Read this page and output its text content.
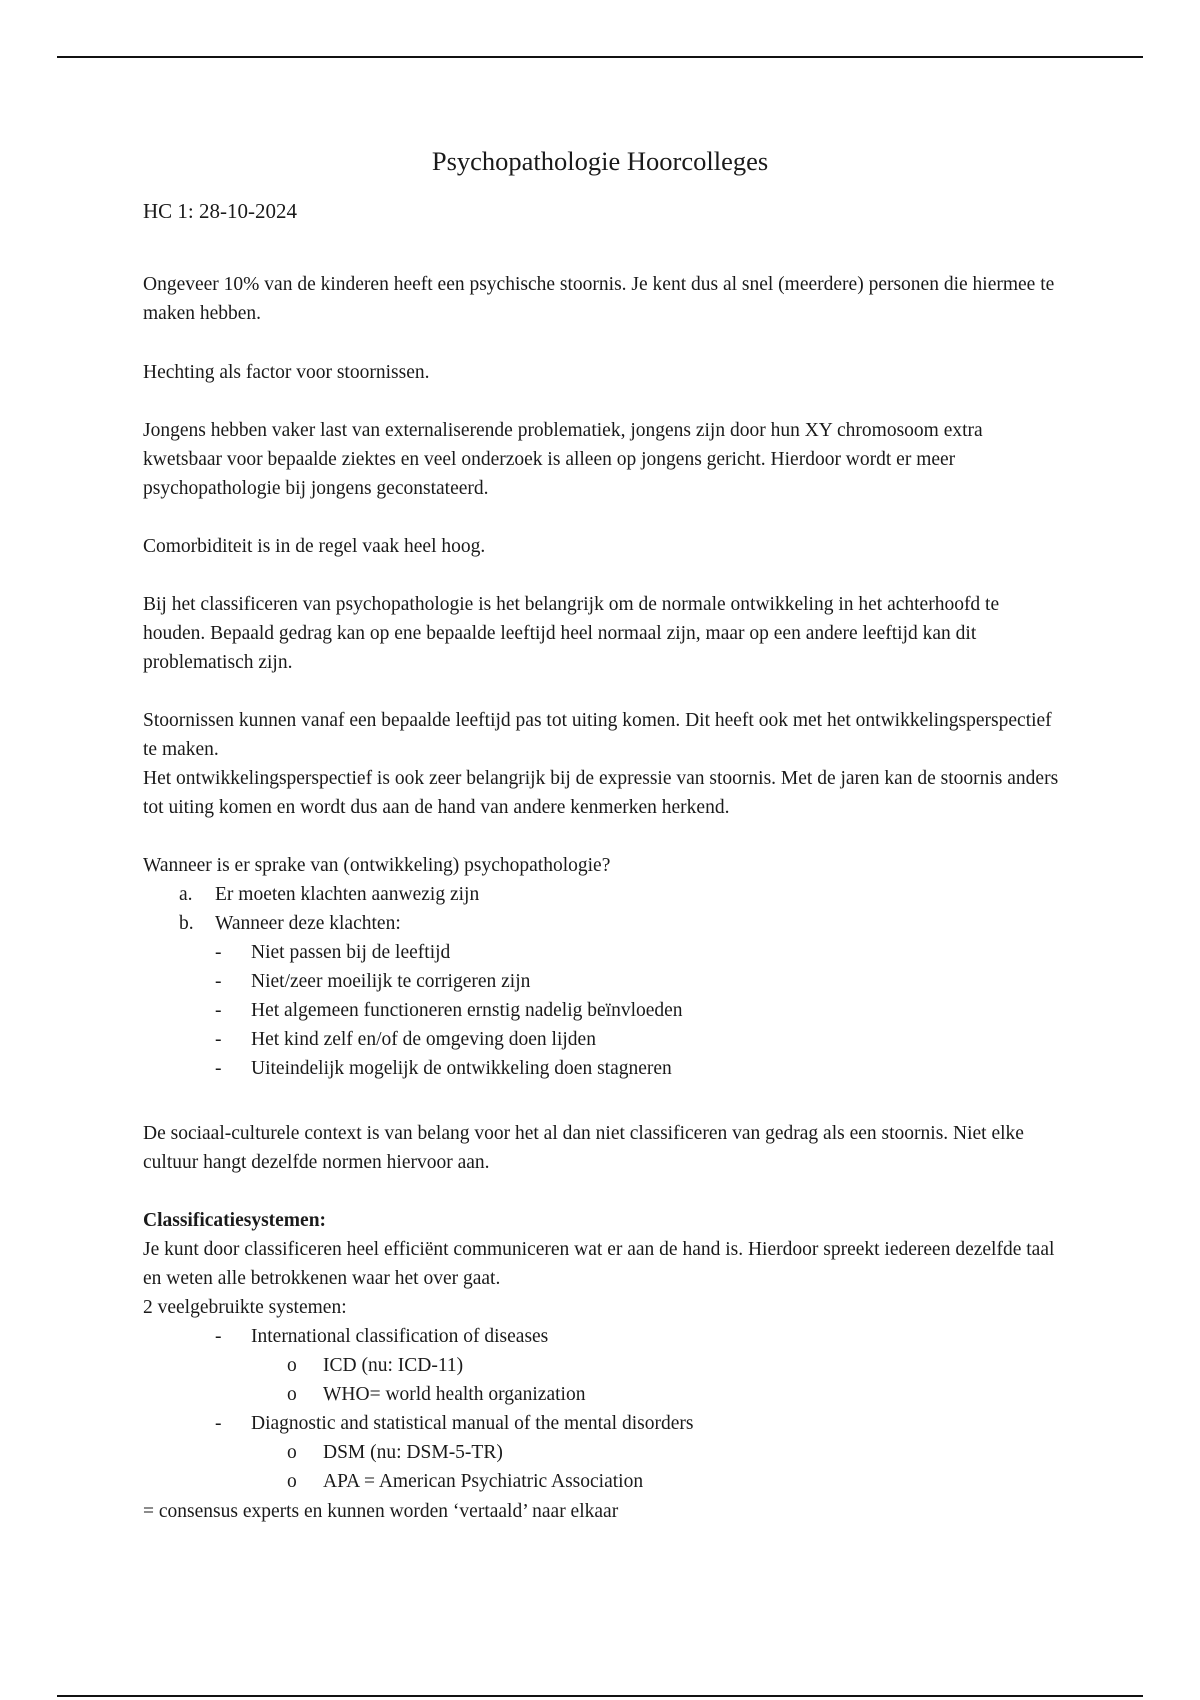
Psychopathologie Hoorcolleges

HC 1: 28-10-2024

Ongeveer 10% van de kinderen heeft een psychische stoornis. Je kent dus al snel (meerdere) personen die hiermee te maken hebben.

Hechting als factor voor stoornissen.

Jongens hebben vaker last van externaliserende problematiek, jongens zijn door hun XY chromosoom extra kwetsbaar voor bepaalde ziektes en veel onderzoek is alleen op jongens gericht. Hierdoor wordt er meer psychopathologie bij jongens geconstateerd.

Comorbiditeit is in de regel vaak heel hoog.

Bij het classificeren van psychopathologie is het belangrijk om de normale ontwikkeling in het achterhoofd te houden. Bepaald gedrag kan op ene bepaalde leeftijd heel normaal zijn, maar op een andere leeftijd kan dit problematisch zijn.

Stoornissen kunnen vanaf een bepaalde leeftijd pas tot uiting komen. Dit heeft ook met het ontwikkelingsperspectief te maken.

Het ontwikkelingsperspectief is ook zeer belangrijk bij de expressie van stoornis. Met de jaren kan de stoornis anders tot uiting komen en wordt dus aan de hand van andere kenmerken herkend.

Wanneer is er sprake van (ontwikkeling) psychopathologie?

a. Er moeten klachten aanwezig zijn
b. Wanneer deze klachten:
- Niet passen bij de leeftijd
- Niet/zeer moeilijk te corrigeren zijn
- Het algemeen functioneren ernstig nadelig beïnvloeden
- Het kind zelf en/of de omgeving doen lijden
- Uiteindelijk mogelijk de ontwikkeling doen stagneren

De sociaal-culturele context is van belang voor het al dan niet classificeren van gedrag als een stoornis. Niet elke cultuur hangt dezelfde normen hiervoor aan.

Classificatiesystemen:

Je kunt door classificeren heel efficiënt communiceren wat er aan de hand is. Hierdoor spreekt iedereen dezelfde taal en weten alle betrokkenen waar het over gaat.

2 veelgebruikte systemen:

- International classification of diseases
o ICD (nu: ICD-11)
o WHO= world health organization
- Diagnostic and statistical manual of the mental disorders
o DSM (nu: DSM-5-TR)
o APA = American Psychiatric Association

= consensus experts en kunnen worden ‘vertaald’ naar elkaar
